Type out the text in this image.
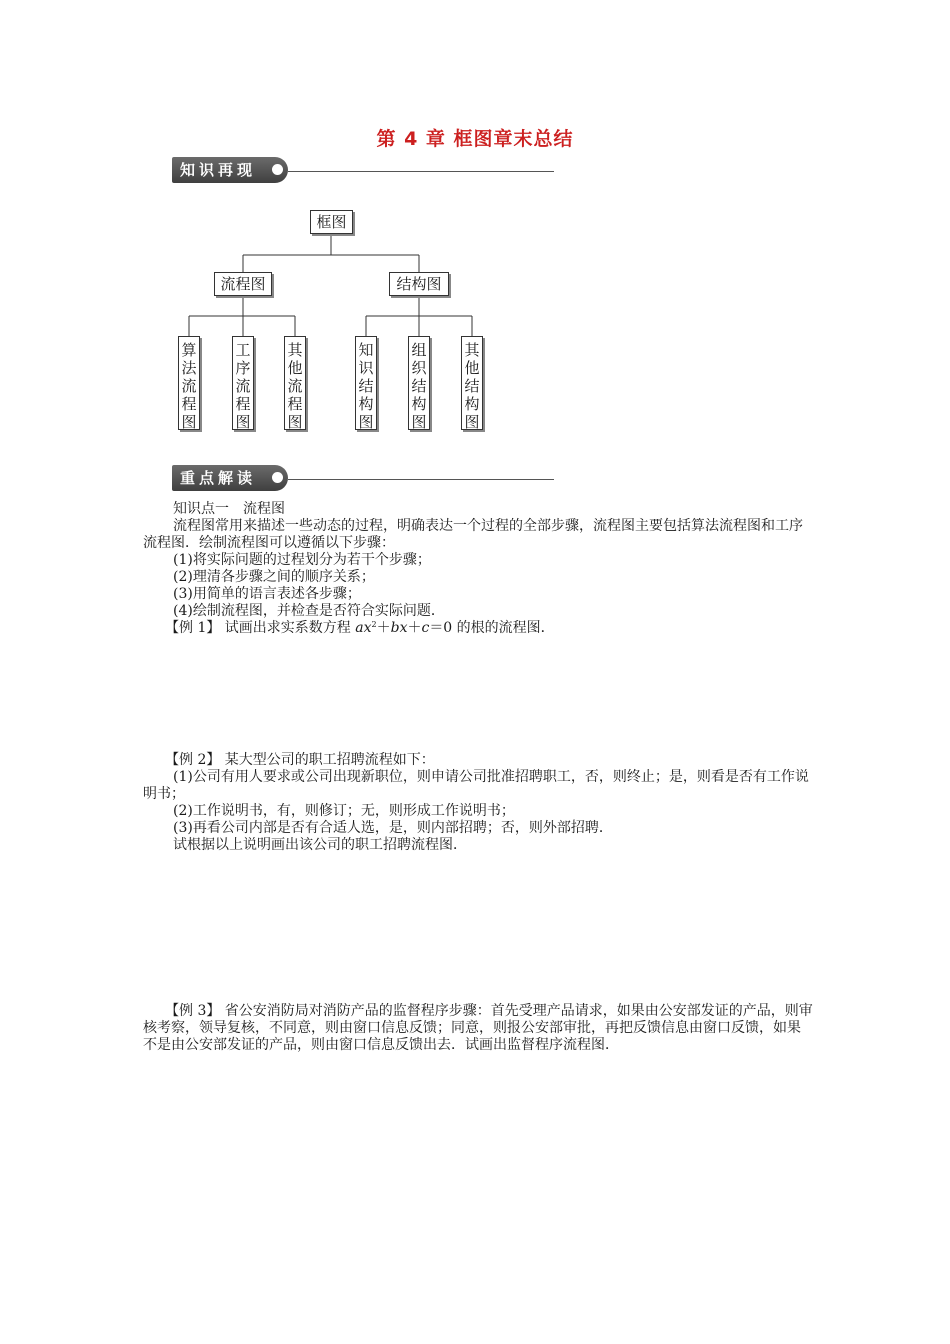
第 4 章 框图章末总结
知识再现
框图
流程图	结构图
算法流程图
工序流程图
其他流程图
知识结构图
组织结构图
其他结构图
重点解读

知识点一　流程图

流程图常用来描述一些动态的过程，明确表达一个过程的全部步骤，流程图主要包括算法流程图和工序流程图．绘制流程图可以遵循以下步骤：

(1)将实际问题的过程划分为若干个步骤；

(2)理清各步骤之间的顺序关系；

(3)用简单的语言表述各步骤；

(4)绘制流程图，并检查是否符合实际问题．

【例 1】 试画出求实系数方程 $ax^2+bx+c=0$ 的根的流程图．

【例 2】 某大型公司的职工招聘流程如下：

(1)公司有用人要求或公司出现新职位，则申请公司批准招聘职工，否，则终止；是，则看是否有工作说明书；

(2)工作说明书，有，则修订；无，则形成工作说明书；

(3)再看公司内部是否有合适人选，是，则内部招聘；否，则外部招聘．

试根据以上说明画出该公司的职工招聘流程图．

【例 3】 省公安消防局对消防产品的监督程序步骤：首先受理产品请求，如果由公安部发证的产品，则审核考察，领导复核，不同意，则由窗口信息反馈；同意，则报公安部审批，再把反馈信息由窗口反馈，如果不是由公安部发证的产品，则由窗口信息反馈出去．试画出监督程序流程图．
